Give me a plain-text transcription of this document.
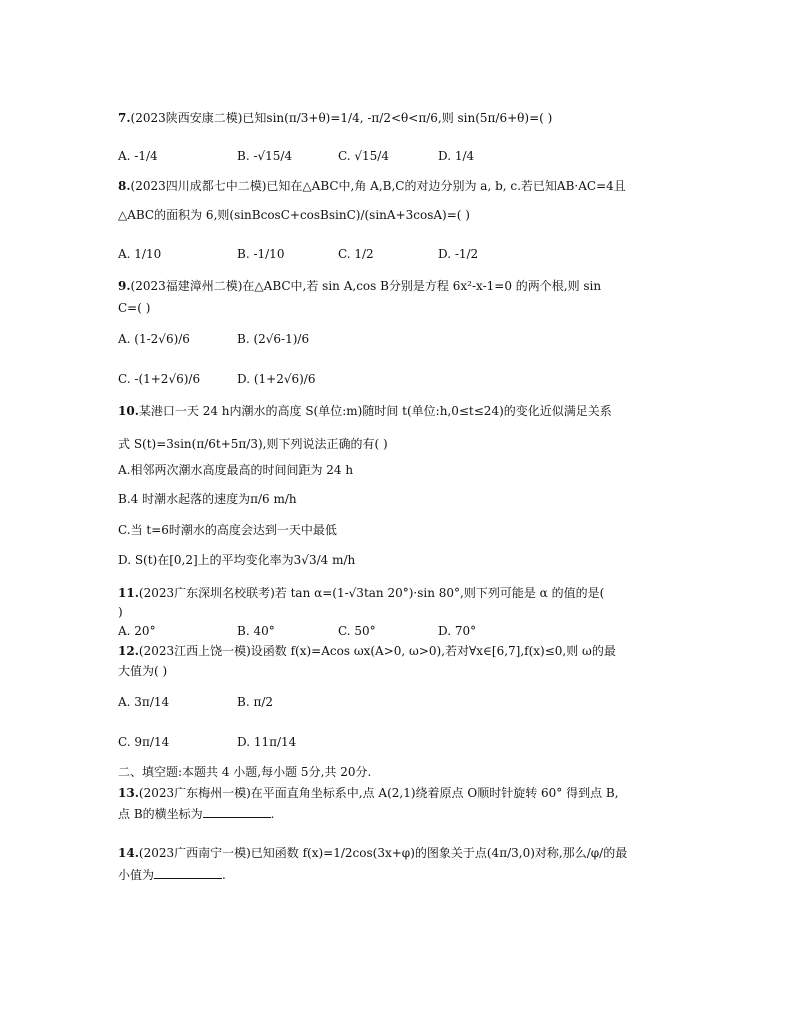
7.(2023陕西安康二模)已知sin(π/3+θ)=1/4, -π/2<θ<π/6,则 sin(5π/6+θ)=( )
A. -1/4	B. -√15/4	C. √15/4	D. 1/4
8.(2023四川成都七中二模)已知在△ABC中,角 A,B,C的对边分别为 a, b, c.若已知AB·AC=4且
△ABC的面积为 6,则(sinBcosC+cosBsinC)/(sinA+3cosA)=( )
A. 1/10	B. -1/10	C. 1/2	D. -1/2
9.(2023福建漳州二模)在△ABC中,若 sin A,cos B分别是方程 6x²-x-1=0 的两个根,则 sin
C=( )
A. (1-2√6)/6	B. (2√6-1)/6
C. -(1+2√6)/6	D. (1+2√6)/6
10.某港口一天 24 h内潮水的高度 S(单位:m)随时间 t(单位:h,0≤t≤24)的变化近似满足关系
式 S(t)=3sin(π/6t+5π/3),则下列说法正确的有( )
A.相邻两次潮水高度最高的时间间距为 24 h
B.4 时潮水起落的速度为π/6 m/h
C.当 t=6时潮水的高度会达到一天中最低
D. S(t)在[0,2]上的平均变化率为3√3/4 m/h
11.(2023广东深圳名校联考)若 tan α=(1-√3tan 20°)·sin 80°,则下列可能是 α 的值的是(
)
A. 20°	B. 40°	C. 50°	D. 70°
12.(2023江西上饶一模)设函数 f(x)=Acos ωx(A>0, ω>0),若对∀x∈[6,7],f(x)≤0,则 ω的最
大值为( )
A. 3π/14	B. π/2
C. 9π/14	D. 11π/14
二、填空题:本题共 4 小题,每小题 5分,共 20分.
13.(2023广东梅州一模)在平面直角坐标系中,点 A(2,1)绕着原点 O顺时针旋转 60° 得到点 B,
点 B的横坐标为	.
14.(2023广西南宁一模)已知函数 f(x)=1/2cos(3x+φ)的图象关于点(4π/3,0)对称,那么/φ/的最
小值为	.
